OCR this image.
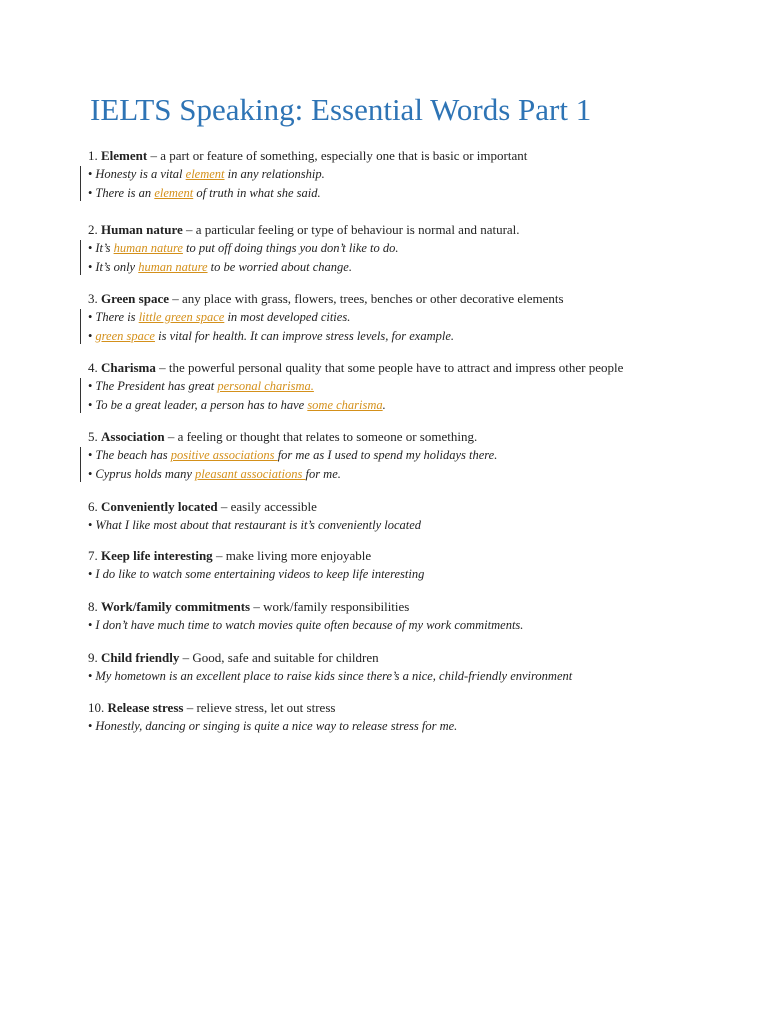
IELTS Speaking: Essential Words Part 1
1. Element – a part or feature of something, especially one that is basic or important
• Honesty is a vital element in any relationship.
• There is an element of truth in what she said.
2. Human nature – a particular feeling or type of behaviour is normal and natural.
• It’s human nature to put off doing things you don’t like to do.
• It’s only human nature to be worried about change.
3. Green space – any place with grass, flowers, trees, benches or other decorative elements
• There is little green space in most developed cities.
• green space is vital for health. It can improve stress levels, for example.
4. Charisma – the powerful personal quality that some people have to attract and impress other people
• The President has great personal charisma.
• To be a great leader, a person has to have some charisma.
5. Association – a feeling or thought that relates to someone or something.
• The beach has positive associations for me as I used to spend my holidays there.
• Cyprus holds many pleasant associations for me.
6. Conveniently located – easily accessible
• What I like most about that restaurant is it’s conveniently located
7. Keep life interesting – make living more enjoyable
• I do like to watch some entertaining videos to keep life interesting
8. Work/family commitments – work/family responsibilities
• I don’t have much time to watch movies quite often because of my work commitments.
9. Child friendly – Good, safe and suitable for children
• My hometown is an excellent place to raise kids since there’s a nice, child-friendly environment
10. Release stress – relieve stress, let out stress
• Honestly, dancing or singing is quite a nice way to release stress for me.
